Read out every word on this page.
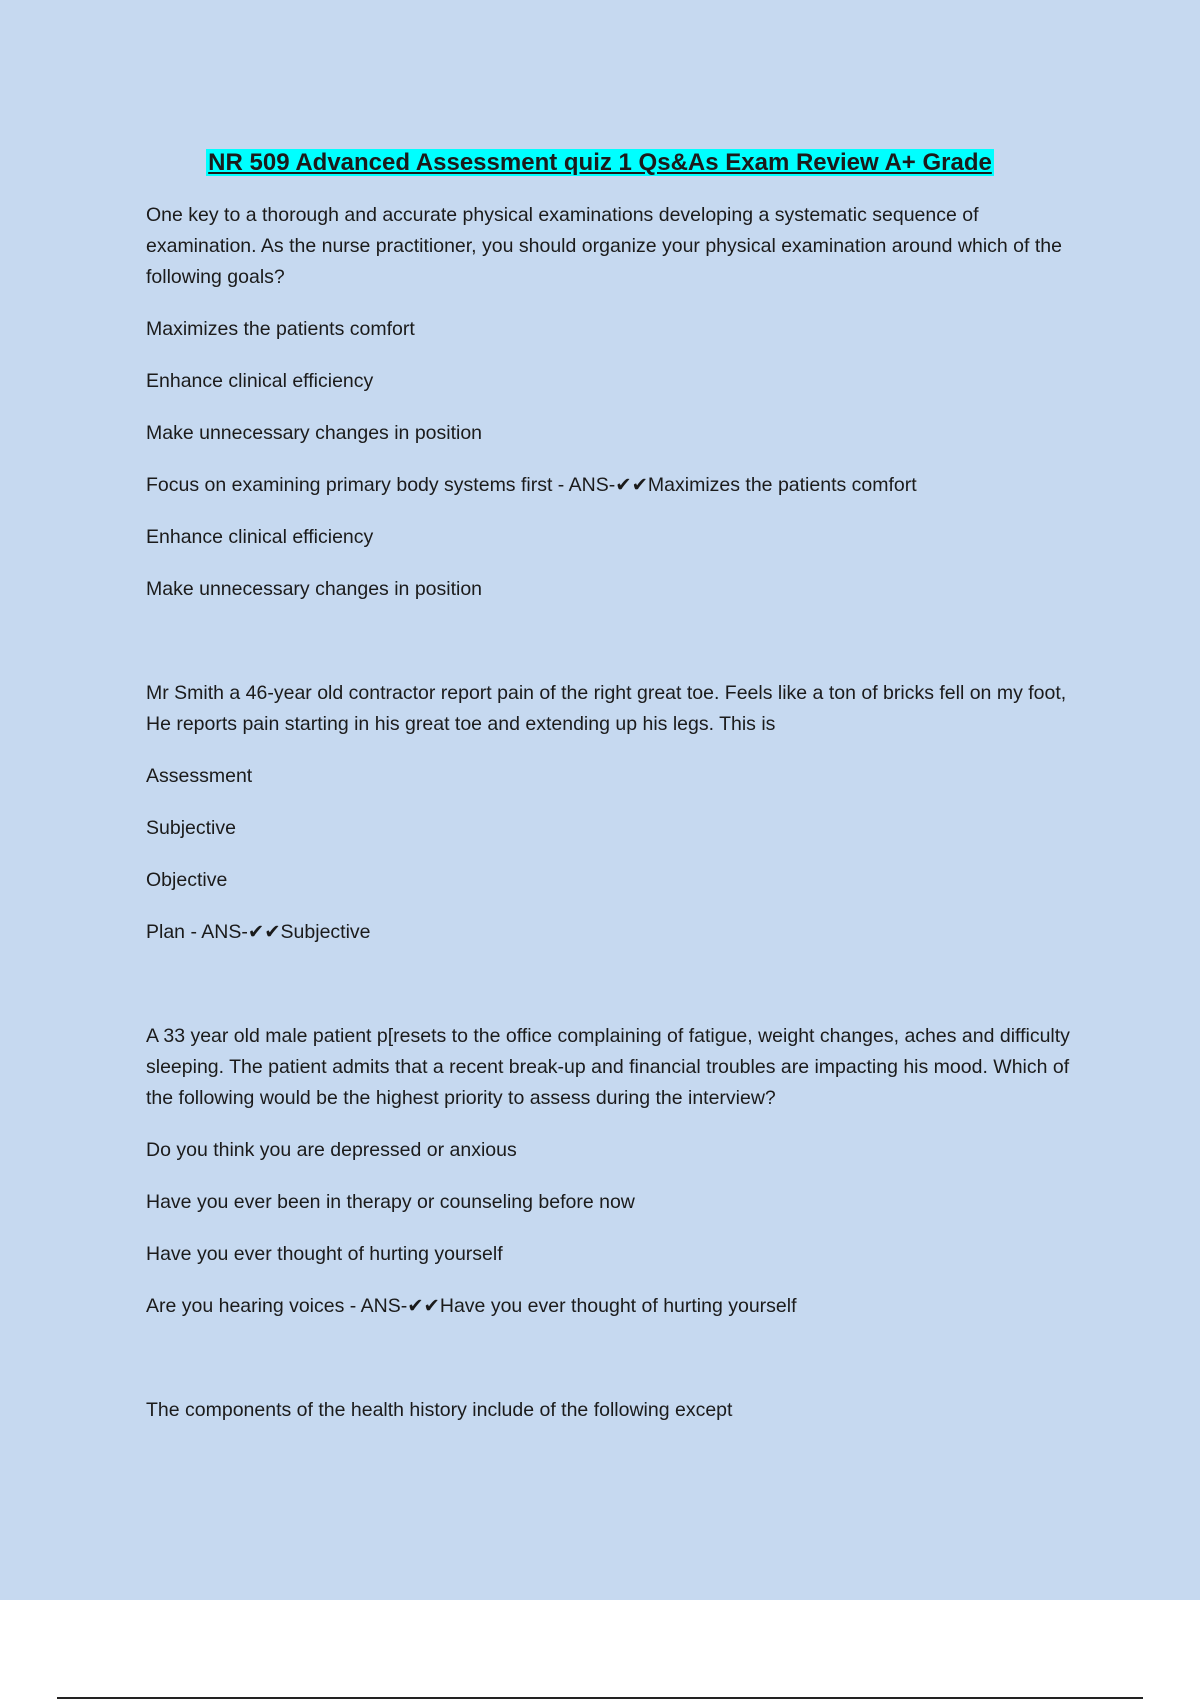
NR 509 Advanced Assessment quiz 1 Qs&As Exam Review A+ Grade

One key to a thorough and accurate physical examinations developing a systematic sequence of examination. As the nurse practitioner, you should organize your physical examination around which of the following goals?

Maximizes the patients comfort

Enhance clinical efficiency

Make unnecessary changes in position

Focus on examining primary body systems first - ANS-✔✔Maximizes the patients comfort

Enhance clinical efficiency

Make unnecessary changes in position

Mr Smith a 46-year old contractor report pain of the right great toe. Feels like a ton of bricks fell on my foot, He reports pain starting in his great toe and extending up his legs. This is

Assessment

Subjective

Objective

Plan - ANS-✔✔Subjective

A 33 year old male patient p[resets to the office complaining of fatigue, weight changes, aches and difficulty sleeping. The patient admits that a recent break-up and financial troubles are impacting his mood. Which of the following would be the highest priority to assess during the interview?

Do you think you are depressed or anxious

Have you ever been in therapy or counseling before now

Have you ever thought of hurting yourself

Are you hearing voices - ANS-✔✔Have you ever thought of hurting yourself

The components of the health history include of the following except
